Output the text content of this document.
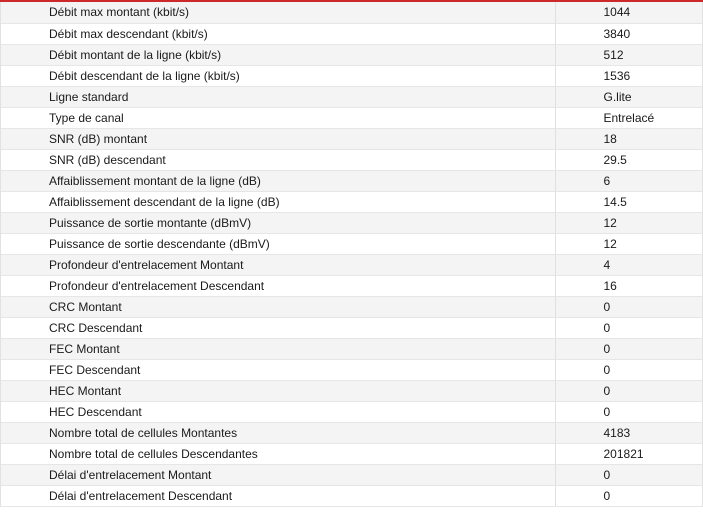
Débit max montant (kbit/s)	1044
Débit max descendant (kbit/s)	3840
Débit montant de la ligne (kbit/s)	512
Débit descendant de la ligne (kbit/s)	1536
Ligne standard	G.lite
Type de canal	Entrelacé
SNR (dB) montant	18
SNR (dB) descendant	29.5
Affaiblissement montant de la ligne (dB)	6
Affaiblissement descendant de la ligne (dB)	14.5
Puissance de sortie montante (dBmV)	12
Puissance de sortie descendante (dBmV)	12
Profondeur d'entrelacement Montant	4
Profondeur d'entrelacement Descendant	16
CRC Montant	0
CRC Descendant	0
FEC Montant	0
FEC Descendant	0
HEC Montant	0
HEC Descendant	0
Nombre total de cellules Montantes	4183
Nombre total de cellules Descendantes	201821
Délai d'entrelacement Montant	0
Délai d'entrelacement Descendant	0
